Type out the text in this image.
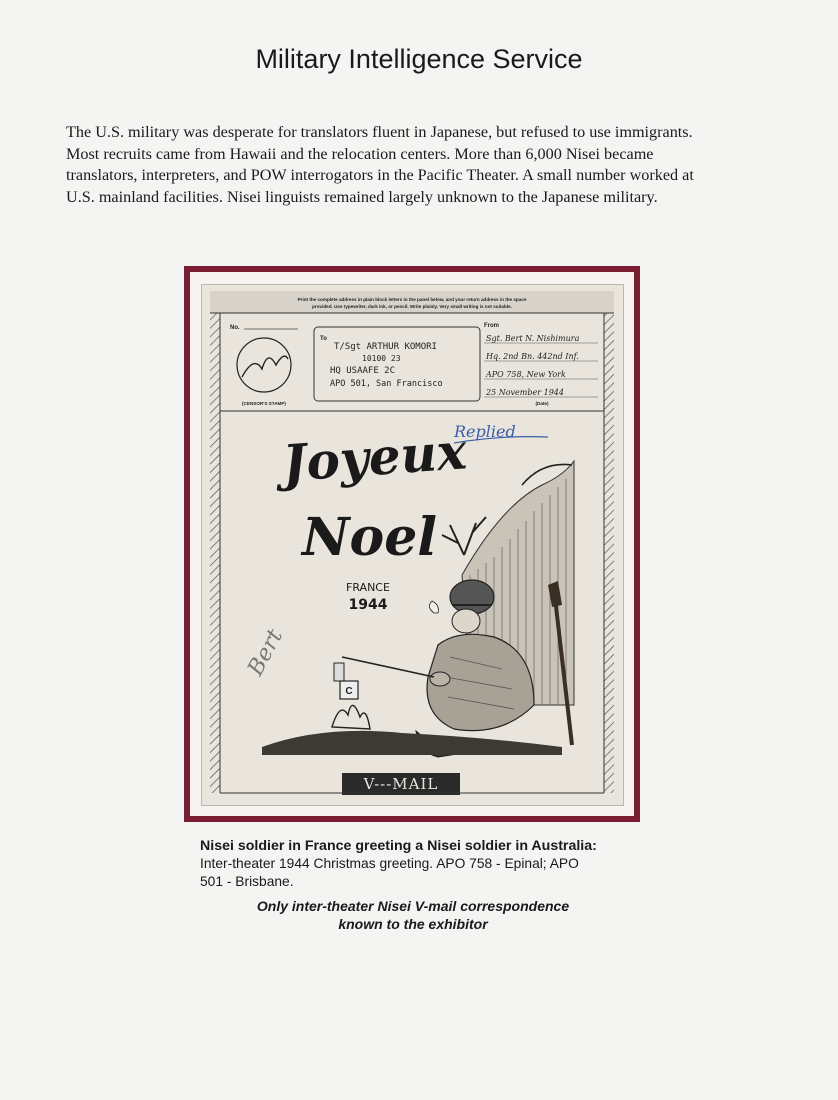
Military Intelligence Service

The U.S. military was desperate for translators fluent in Japanese, but refused to use immigrants.
Most recruits came from Hawaii and the relocation centers. More than 6,000 Nisei became
translators, interpreters, and POW interrogators in the Pacific Theater. A small number worked at
U.S. mainland facilities. Nisei linguists remained largely unknown to the Japanese military.

Print the complete address in plain block letters in the panel below, and your return address in the space
provided. Use typewriter, dark ink, or pencil. Write plainly. Very small writing is not suitable.
No.
(CENSOR'S STAMP)
To
T/Sgt ARTHUR KOMORI
10100 23
HQ USAAFE 2C
APO 501, San Francisco
From
Sgt. Bert N. Nishimura
Hq. 2nd Bn. 442nd Inf.
APO 758, New York
25 November 1944
(Date)
Replied
Joyeux
Noel
FRANCE
1944
Bert
C
V---MAIL
Nisei soldier in France greeting a Nisei soldier in Australia:
Inter-theater 1944 Christmas greeting. APO 758 - Epinal; APO
501 - Brisbane.
Only inter-theater Nisei V-mail correspondence
known to the exhibitor
